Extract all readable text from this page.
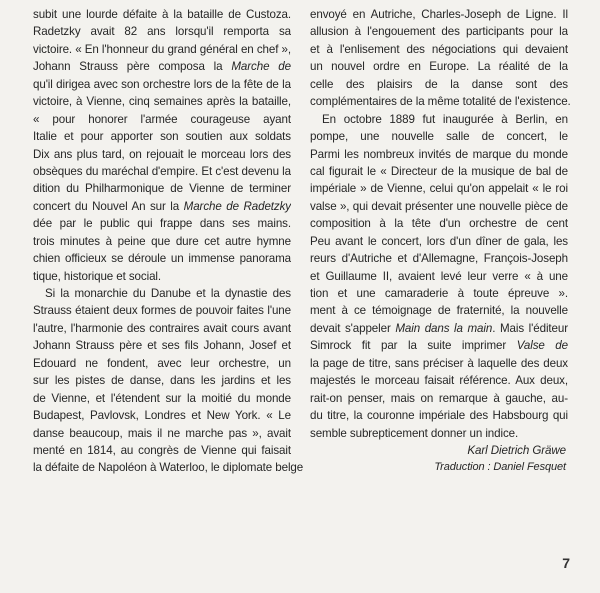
subit une lourde défaite à la bataille de Custoza.
Radetzky avait 82 ans lorsqu'il remporta sa
victoire. « En l'honneur du grand général en chef »,
Johann Strauss père composa la Marche de
qu'il dirigea avec son orchestre lors de la fête de la
victoire, à Vienne, cinq semaines après la bataille,
« pour honorer l'armée courageuse ayant
Italie et pour apporter son soutien aux soldats
Dix ans plus tard, on rejouait le morceau lors des
obsèques du maréchal d'empire. Et c'est devenu la
dition du Philharmonique de Vienne de terminer
concert du Nouvel An sur la Marche de Radetzky
dée par le public qui frappe dans ses mains.
trois minutes à peine que dure cet autre hymne
chien officieux se déroule un immense panorama
tique, historique et social.
Si la monarchie du Danube et la dynastie des
Strauss étaient deux formes de pouvoir faites l'une
l'autre, l'harmonie des contraires avait cours avant
Johann Strauss père et ses fils Johann, Josef et
Edouard ne fondent, avec leur orchestre, un
sur les pistes de danse, dans les jardins et les
de Vienne, et l'étendent sur la moitié du monde
Budapest, Pavlovsk, Londres et New York. « Le
danse beaucoup, mais il ne marche pas », avait
menté en 1814, au congrès de Vienne qui faisait
la défaite de Napoléon à Waterloo, le diplomate belge
envoyé en Autriche, Charles-Joseph de Ligne. Il
allusion à l'engouement des participants pour la
et à l'enlisement des négociations qui devaient
un nouvel ordre en Europe. La réalité de la
celle des plaisirs de la danse sont des
complémentaires de la même totalité de l'existence.
En octobre 1889 fut inaugurée à Berlin, en
pompe, une nouvelle salle de concert, le
Parmi les nombreux invités de marque du monde
cal figurait le « Directeur de la musique de bal de
impériale » de Vienne, celui qu'on appelait « le roi
valse », qui devait présenter une nouvelle pièce de
composition à la tête d'un orchestre de cent
Peu avant le concert, lors d'un dîner de gala, les
reurs d'Autriche et d'Allemagne, François-Joseph
et Guillaume II, avaient levé leur verre « à une
tion et une camaraderie à toute épreuve ».
ment à ce témoignage de fraternité, la nouvelle
devait s'appeler Main dans la main. Mais l'éditeur
Simrock fit par la suite imprimer Valse de
la page de titre, sans préciser à laquelle des deux
majestés le morceau faisait référence. Aux deux,
rait-on penser, mais on remarque à gauche, au-
du titre, la couronne impériale des Habsbourg qui
semble subrepticement donner un indice.
Karl Dietrich Gräwe
Traduction : Daniel Fesquet
7
